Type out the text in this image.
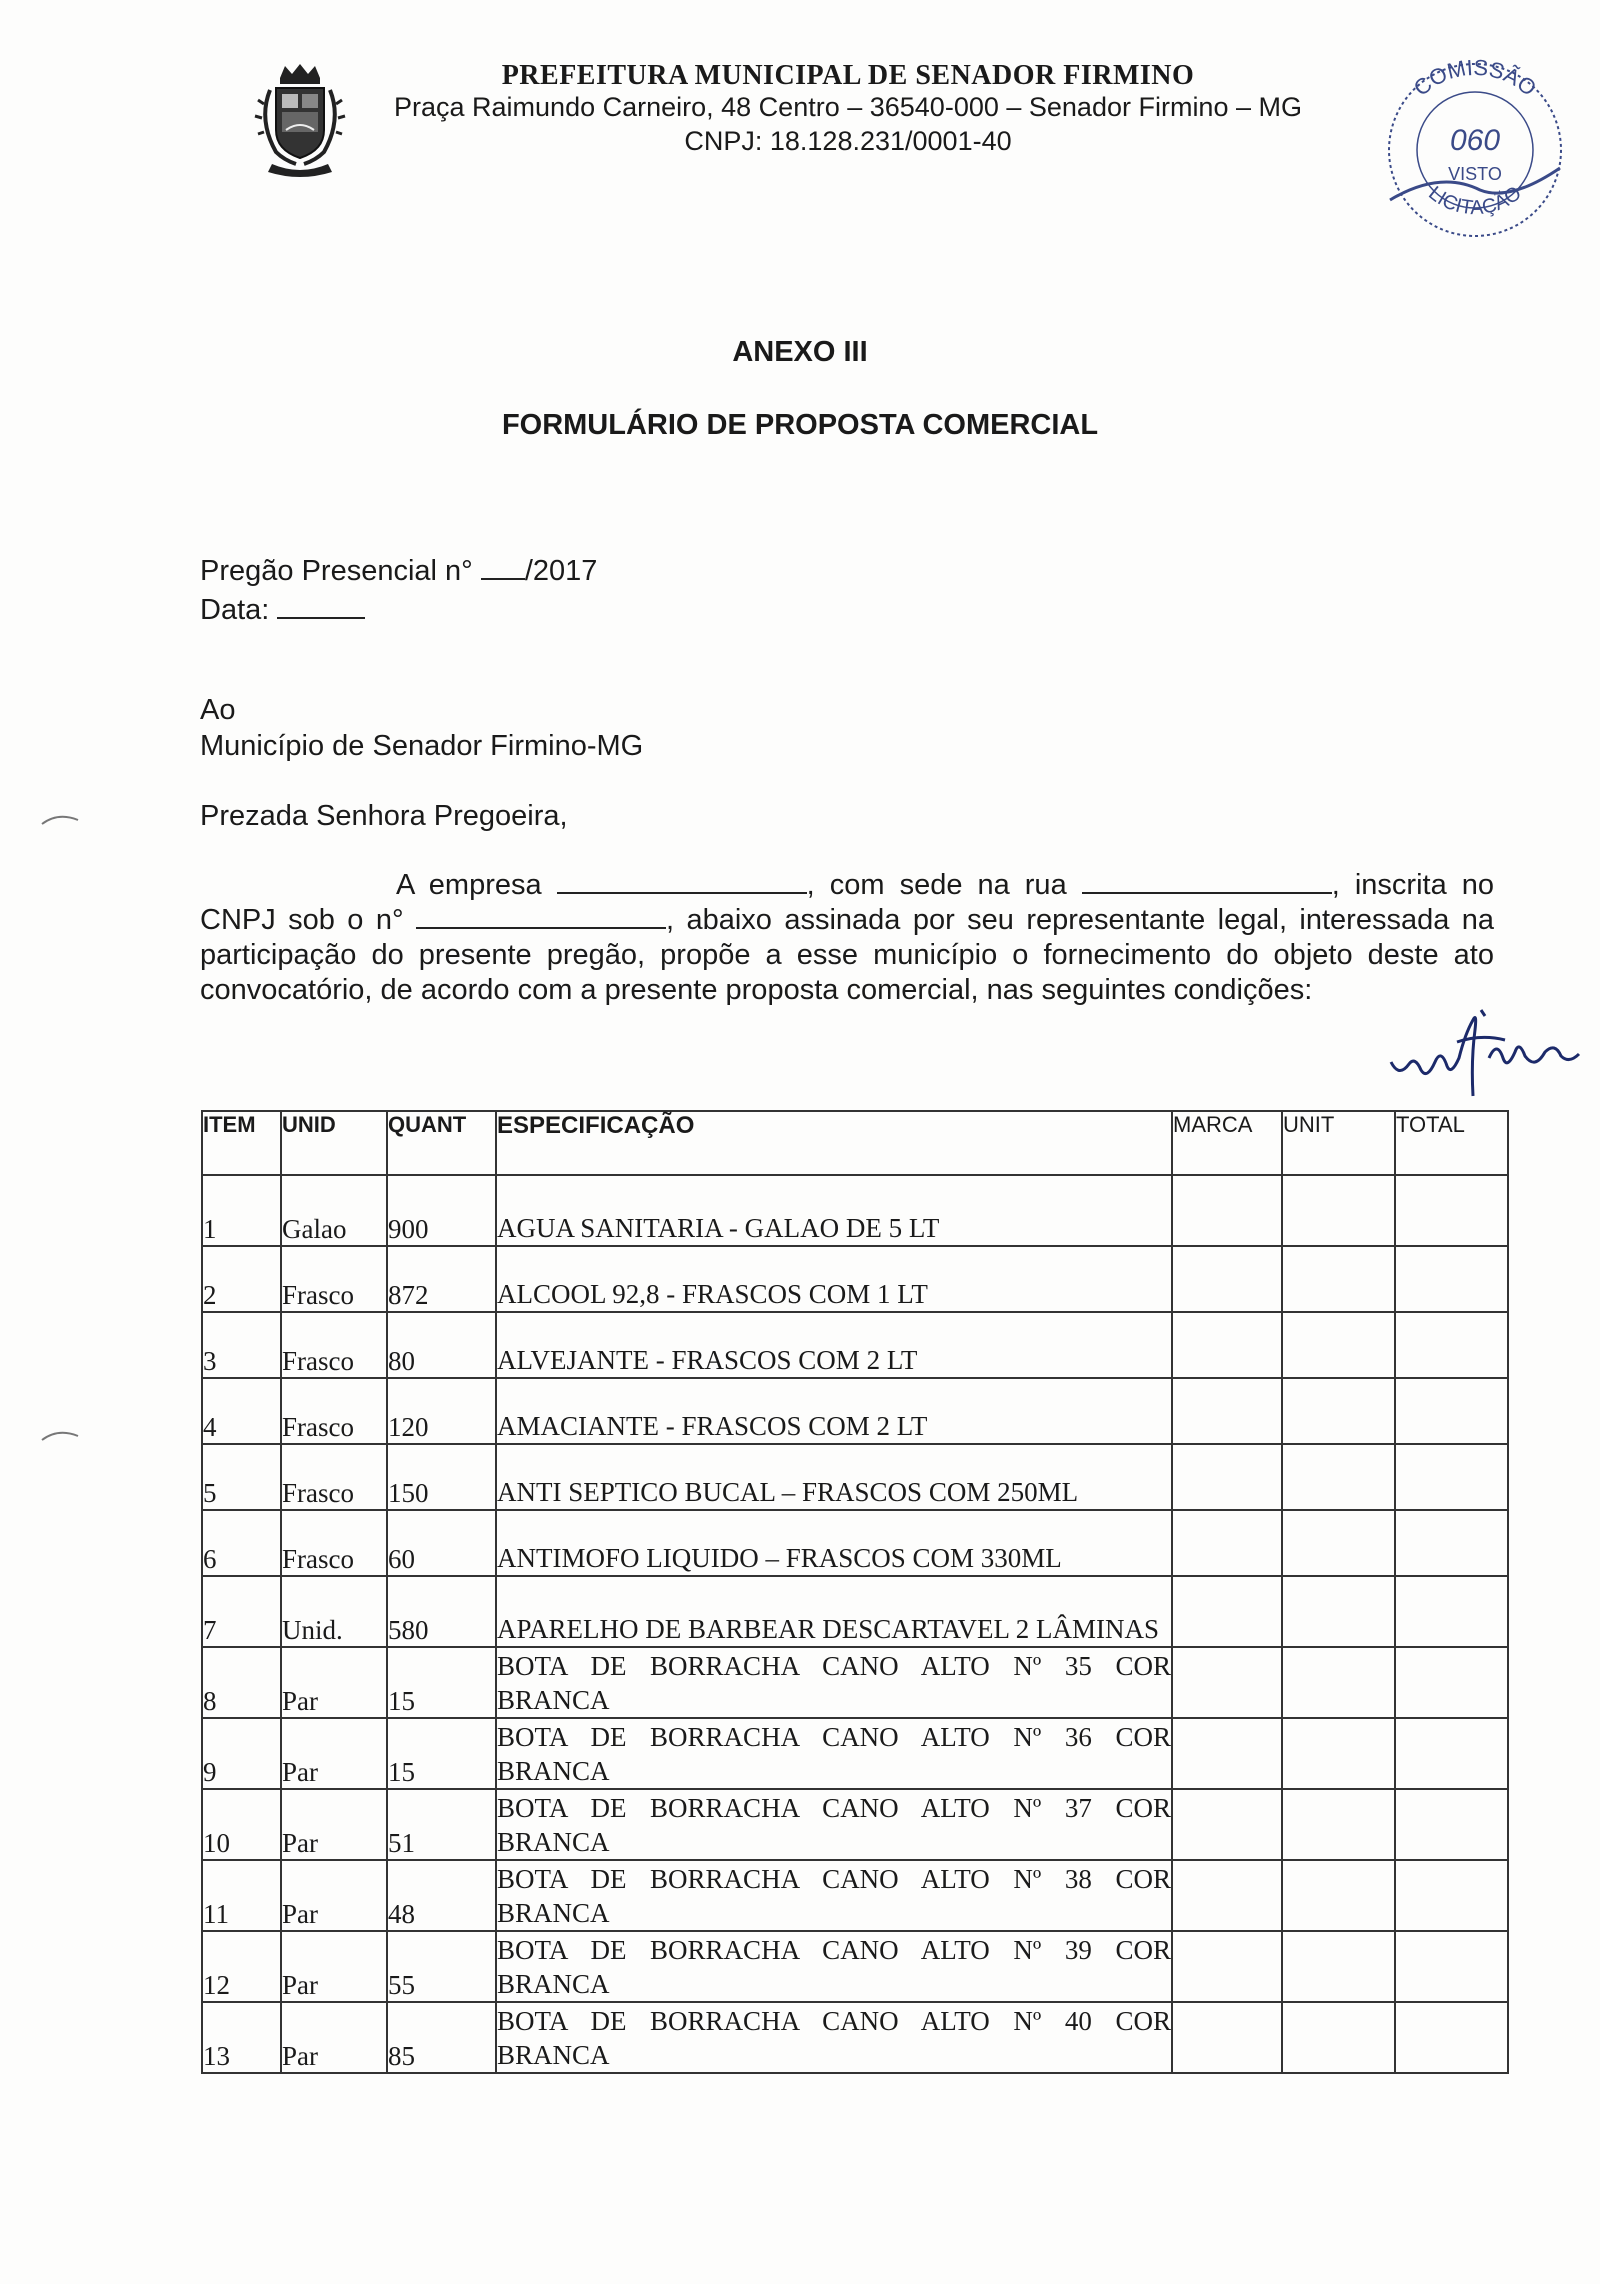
PREFEITURA MUNICIPAL DE SENADOR FIRMINO
Praça Raimundo Carneiro, 48 Centro – 36540-000 – Senador Firmino – MG
CNPJ: 18.128.231/0001-40
COMISSÃO
LICITAÇÃO
060
VISTO
ANEXO III
FORMULÁRIO DE PROPOSTA COMERCIAL
Pregão Presencial n° /2017
Data:
Ao
Município de Senador Firmino-MG
Prezada Senhora Pregoeira,
A empresa	, com sede na rua	, inscrita no CNPJ sob o n°	, abaixo assinada por seu representante legal, interessada na participação do presente pregão, propõe a esse município o fornecimento do objeto deste ato convocatório, de acordo com a presente proposta comercial, nas seguintes condições:
ITEM	UNID	QUANT	ESPECIFICAÇÃO	MARCA	UNIT	TOTAL
1	Galao	900	AGUA SANITARIA - GALAO DE 5 LT			
2	Frasco	872	ALCOOL 92,8 - FRASCOS COM 1 LT			
3	Frasco	80	ALVEJANTE - FRASCOS COM 2 LT			
4	Frasco	120	AMACIANTE - FRASCOS COM 2 LT			
5	Frasco	150	ANTI SEPTICO BUCAL – FRASCOS COM 250ML			
6	Frasco	60	ANTIMOFO LIQUIDO – FRASCOS COM 330ML			
7	Unid.	580	APARELHO DE BARBEAR DESCARTAVEL 2 LÂMINAS			
8	Par	15	BOTA DE BORRACHA CANO ALTO Nº 35 COR BRANCA			
9	Par	15	BOTA DE BORRACHA CANO ALTO Nº 36 COR BRANCA			
10	Par	51	BOTA DE BORRACHA CANO ALTO Nº 37 COR BRANCA			
11	Par	48	BOTA DE BORRACHA CANO ALTO Nº 38 COR BRANCA			
12	Par	55	BOTA DE BORRACHA CANO ALTO Nº 39 COR BRANCA			
13	Par	85	BOTA DE BORRACHA CANO ALTO Nº 40 COR BRANCA			
